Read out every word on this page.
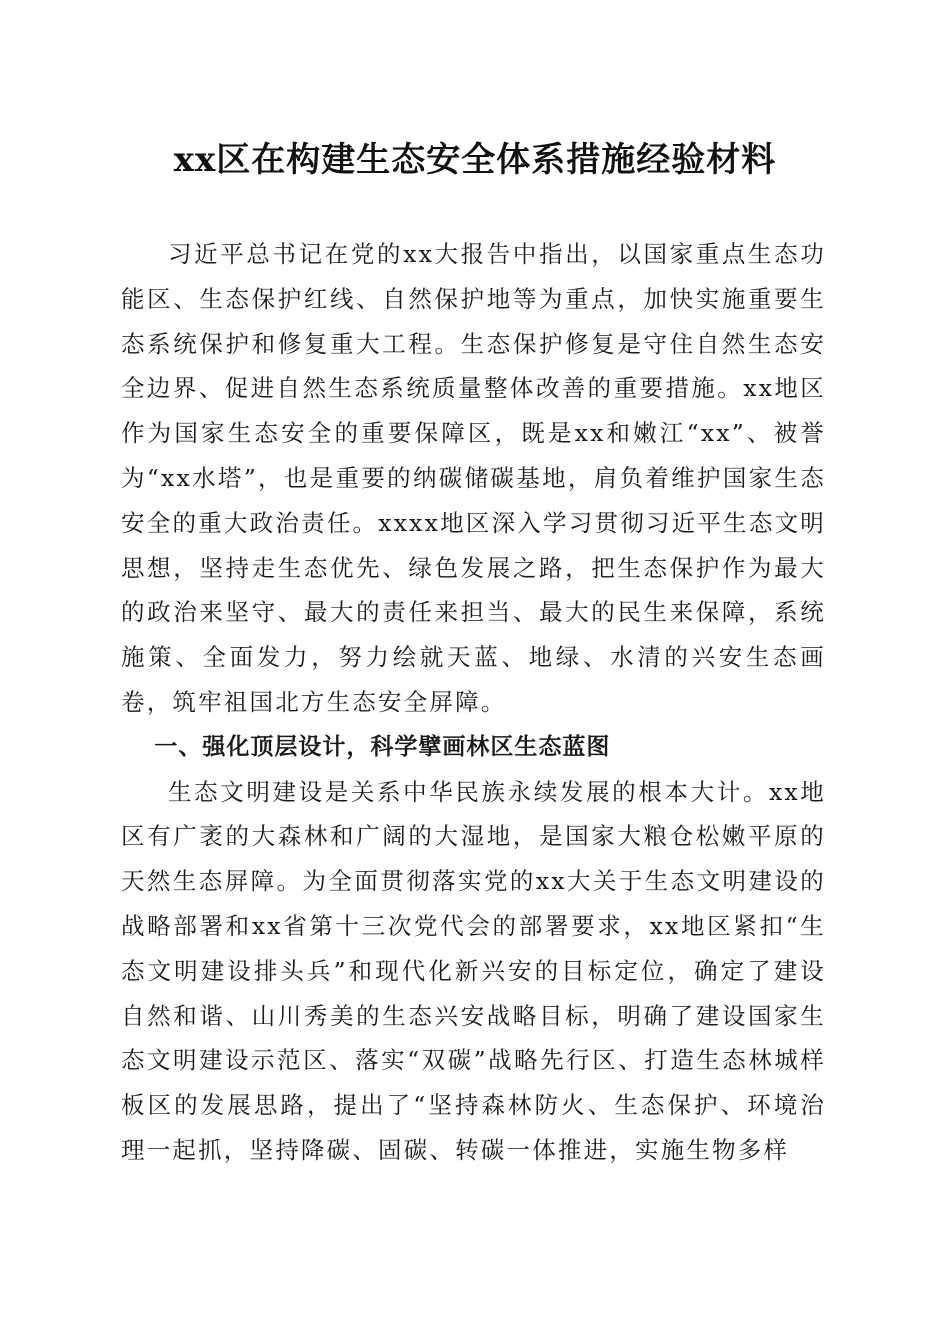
xx区在构建生态安全体系措施经验材料

习近平总书记在党的xx大报告中指出，以国家重点生态功能区、生态保护红线、自然保护地等为重点，加快实施重要生态系统保护和修复重大工程。生态保护修复是守住自然生态安全边界、促进自然生态系统质量整体改善的重要措施。xx地区作为国家生态安全的重要保障区，既是xx和嫩江“xx”、被誉为“xx水塔”，也是重要的纳碳储碳基地，肩负着维护国家生态安全的重大政治责任。xxxx地区深入学习贯彻习近平生态文明思想，坚持走生态优先、绿色发展之路，把生态保护作为最大的政治来坚守、最大的责任来担当、最大的民生来保障，系统施策、全面发力，努力绘就天蓝、地绿、水清的兴安生态画卷，筑牢祖国北方生态安全屏障。

一、强化顶层设计，科学擘画林区生态蓝图

生态文明建设是关系中华民族永续发展的根本大计。xx地区有广袤的大森林和广阔的大湿地，是国家大粮仓松嫩平原的天然生态屏障。为全面贯彻落实党的xx大关于生态文明建设的战略部署和xx省第十三次党代会的部署要求，xx地区紧扣“生态文明建设排头兵”和现代化新兴安的目标定位，确定了建设自然和谐、山川秀美的生态兴安战略目标，明确了建设国家生态文明建设示范区、落实“双碳”战略先行区、打造生态林城样板区的发展思路，提出了“坚持森林防火、生态保护、环境治理一起抓，坚持降碳、固碳、转碳一体推进，实施生物多样
